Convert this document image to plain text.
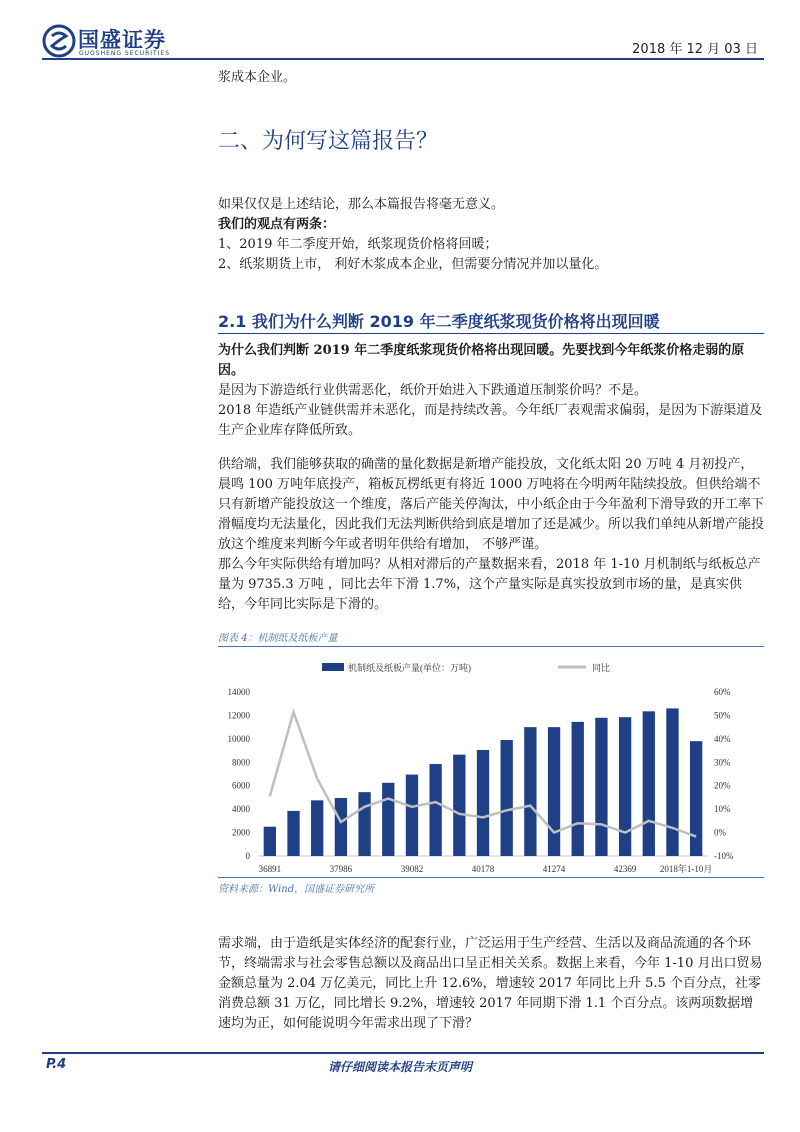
国盛证券
GUOSHENG SECURITIES	2018 年 12 月 03 日
浆成本企业。
二、为何写这篇报告？
如果仅仅是上述结论，那么本篇报告将毫无意义。
我们的观点有两条：
1、2019 年二季度开始，纸浆现货价格将回暖；
2、纸浆期货上市， 利好木浆成本企业，但需要分情况并加以量化。
2.1 我们为什么判断 2019 年二季度纸浆现货价格将出现回暖
为什么我们判断 2019 年二季度纸浆现货价格将出现回暖。先要找到今年纸浆价格走弱的原因。
是因为下游造纸行业供需恶化，纸价开始进入下跌通道压制浆价吗？不是。
2018 年造纸产业链供需并未恶化，而是持续改善。今年纸厂表观需求偏弱，是因为下游渠道及生产企业库存降低所致。
供给端，我们能够获取的确凿的量化数据是新增产能投放，文化纸太阳 20 万吨 4 月初投产，晨鸣 100 万吨年底投产，箱板瓦楞纸更有将近 1000 万吨将在今明两年陆续投放。但供给端不只有新增产能投放这一个维度，落后产能关停淘汰，中小纸企由于今年盈利下滑导致的开工率下滑幅度均无法量化，因此我们无法判断供给到底是增加了还是减少。所以我们单纯从新增产能投放这个维度来判断今年或者明年供给有增加， 不够严谨。
那么今年实际供给有增加吗？从相对滞后的产量数据来看，2018 年 1-10 月机制纸与纸板总产量为 9735.3 万吨 ，同比去年下滑 1.7%，这个产量实际是真实投放到市场的量，是真实供给，今年同比实际是下滑的。
图表 4：机制纸及纸板产量
机制纸及纸板产量(单位：万吨)	同比
0
2000
4000
6000
8000
10000
12000
14000
-10%
0%
10%
20%
30%
40%
50%
60%
36891	37986	39082	40178	41274	42369	2018年1-10月
资料来源：Wind，国盛证券研究所
需求端，由于造纸是实体经济的配套行业，广泛运用于生产经营、生活以及商品流通的各个环节，终端需求与社会零售总额以及商品出口呈正相关关系。数据上来看，今年 1-10 月出口贸易金额总量为 2.04 万亿美元，同比上升 12.6%，增速较 2017 年同比上升 5.5 个百分点，社零消费总额 31 万亿，同比增长 9.2%，增速较 2017 年同期下滑 1.1 个百分点。该两项数据增速均为正，如何能说明今年需求出现了下滑？
P.4	请仔细阅读本报告末页声明
